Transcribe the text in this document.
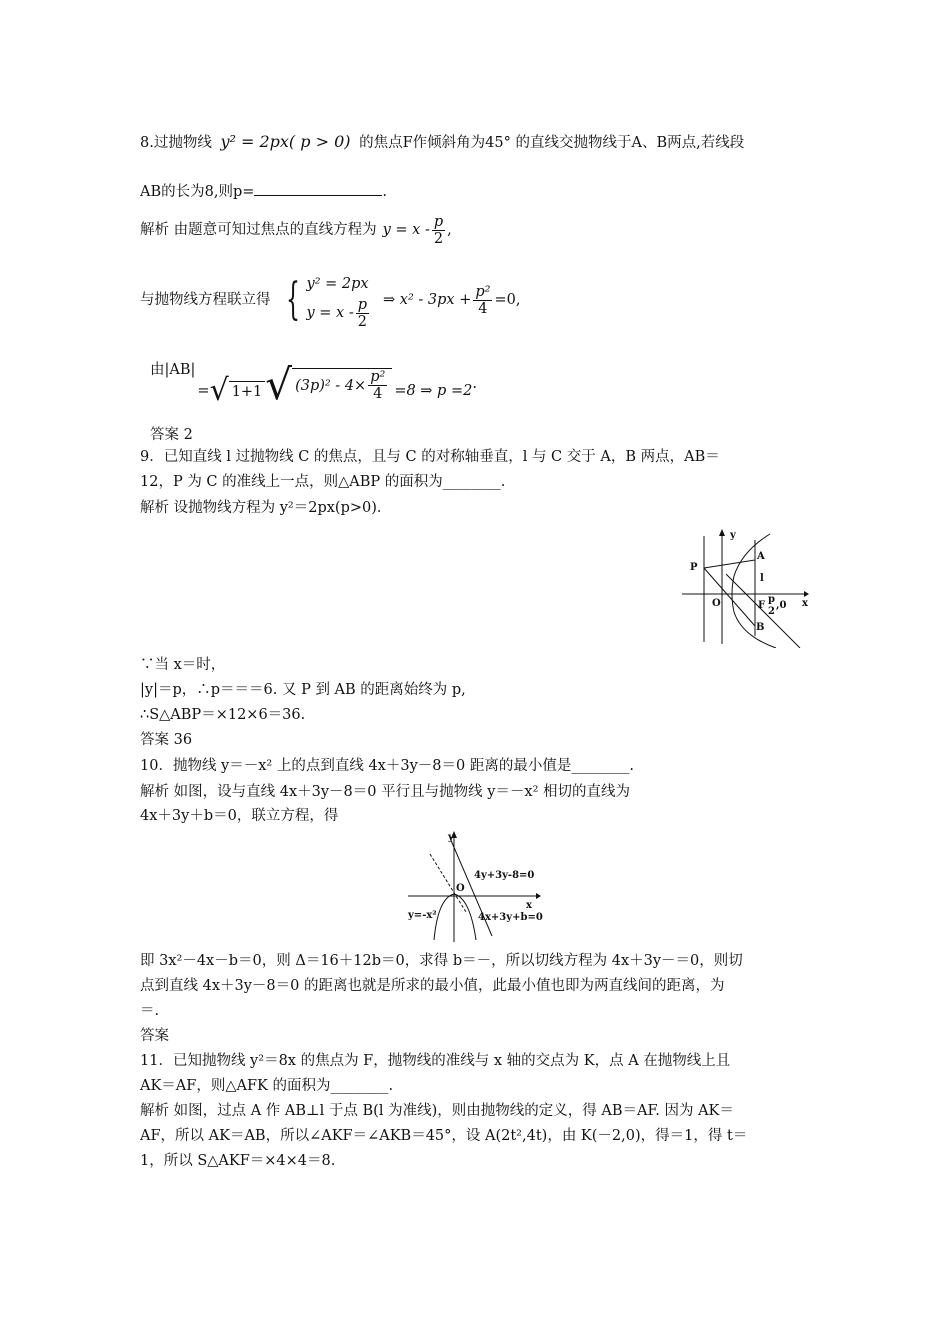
8.过抛物线 y² = 2px( p > 0) 的焦点F作倾斜角为45° 的直线交抛物线于A、B两点,若线段
AB的长为8,则p=	.
解析 由题意可知过焦点的直线方程为 $y = x - \frac{p}{2}$ ,
与抛物线方程联立得 { y² = 2px
$y = x - \frac{p}{2}$ ⇒ $x^2 - 3px + \frac{\text{p²}}{4} =0$,
由|AB|
= √ 1+1 √ $(3p)^2 - 4\times \frac{\text{p²}}{4} =8$ ⇒ p =2 .
答案 2
9．已知直线 l 过抛物线 C 的焦点，且与 C 的对称轴垂直，l 与 C 交于 A，B 两点，AB＝
12，P 为 C 的准线上一点，则△ABP 的面积为________.
解析 设抛物线方程为 y²＝2px(p>0)．
y
x
A
P
l
O	F
p
2
,0
B
∵当 x＝时，
|y|＝p，∴p＝＝＝6. 又 P 到 AB 的距离始终为 p,
∴S△ABP＝×12×6＝36.
答案 36
10．抛物线 y＝－x² 上的点到直线 4x＋3y－8＝0 距离的最小值是________.
解析 如图，设与直线 4x＋3y－8＝0 平行且与抛物线 y＝－x² 相切的直线为
4x＋3y＋b＝0，联立方程，得
y
x
O
4y+3y-8=0
y=-x²	4x+3y+b=0
即 3x²－4x－b＝0，则 Δ＝16＋12b＝0，求得 b＝－，所以切线方程为 4x＋3y－＝0，则切
点到直线 4x＋3y－8＝0 的距离也就是所求的最小值，此最小值也即为两直线间的距离，为
＝.
答案
11．已知抛物线 y²＝8x 的焦点为 F，抛物线的准线与 x 轴的交点为 K，点 A 在抛物线上且
AK＝AF，则△AFK 的面积为________.
解析 如图，过点 A 作 AB⊥l 于点 B(l 为准线)，则由抛物线的定义，得 AB＝AF. 因为 AK＝
AF，所以 AK＝AB，所以∠AKF＝∠AKB＝45°，设 A(2t²,4t)，由 K(－2,0)，得＝1，得 t＝
1，所以 S△AKF＝×4×4＝8.
